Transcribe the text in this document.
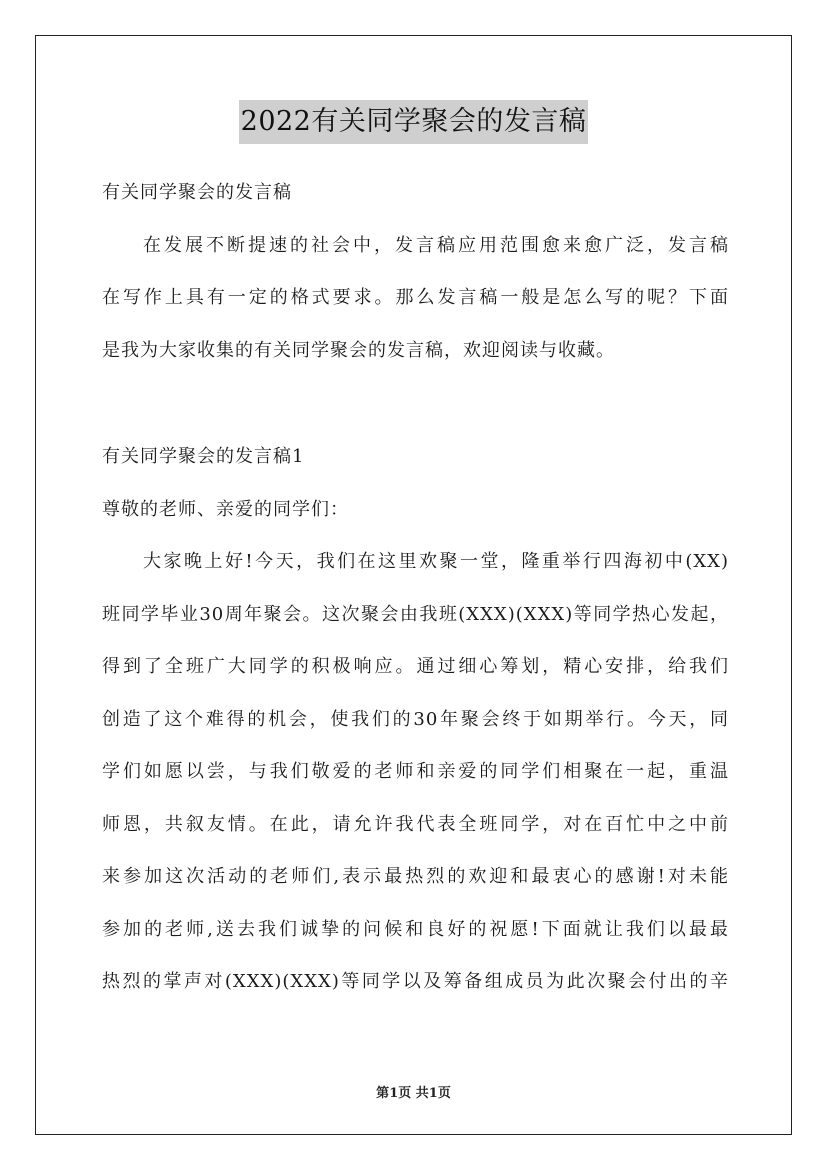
2022有关同学聚会的发言稿
有关同学聚会的发言稿
在发展不断提速的社会中，发言稿应用范围愈来愈广泛，发言稿
在写作上具有一定的格式要求。那么发言稿一般是怎么写的呢？下面
是我为大家收集的有关同学聚会的发言稿，欢迎阅读与收藏。
有关同学聚会的发言稿1
尊敬的老师、亲爱的同学们：
大家晚上好!今天，我们在这里欢聚一堂，隆重举行四海初中(XX)
班同学毕业30周年聚会。这次聚会由我班(XXX)(XXX)等同学热心发起，
得到了全班广大同学的积极响应。通过细心筹划，精心安排，给我们
创造了这个难得的机会，使我们的30年聚会终于如期举行。今天，同
学们如愿以尝，与我们敬爱的老师和亲爱的同学们相聚在一起，重温
师恩，共叙友情。在此，请允许我代表全班同学，对在百忙中之中前
来参加这次活动的老师们,表示最热烈的欢迎和最衷心的感谢!对未能
参加的老师,送去我们诚挚的问候和良好的祝愿!下面就让我们以最最
热烈的掌声对(XXX)(XXX)等同学以及筹备组成员为此次聚会付出的辛
第1页 共1页
